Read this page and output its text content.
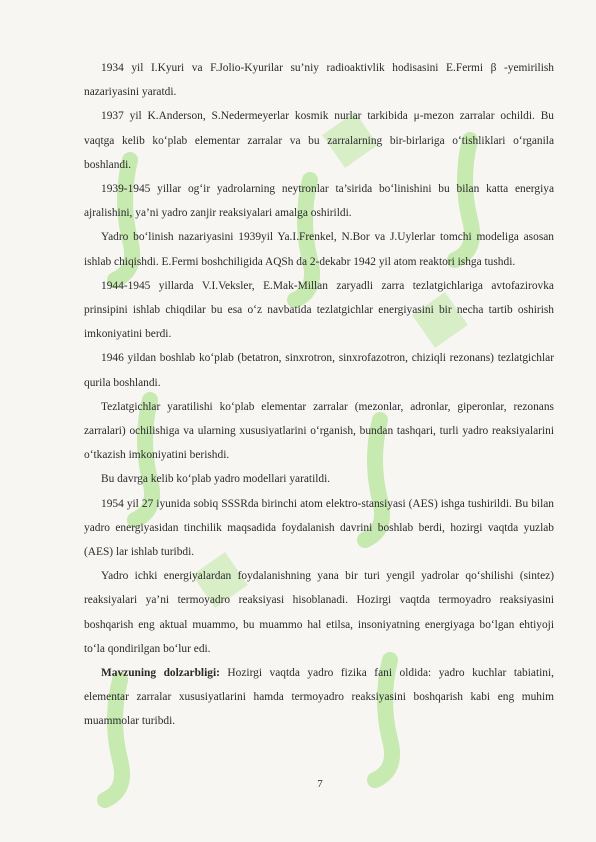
1934 yil I.Kyuri va F.Jolio-Kyurilar su’niy radioaktivlik hodisasini E.Fermi β -yemirilish nazariyasini yaratdi.

1937 yil K.Anderson, S.Nedermeyerlar kosmik nurlar tarkibida μ-mezon zarralar ochildi. Bu vaqtga kelib ko‘plab elementar zarralar va bu zarralarning bir-birlariga o‘tishliklari o‘rganila boshlandi.

1939-1945 yillar og‘ir yadrolarning neytronlar ta’sirida bo‘linishini bu bilan katta energiya ajralishini, ya’ni yadro zanjir reaksiyalari amalga oshirildi.

Yadro bo‘linish nazariyasini 1939yil Ya.I.Frenkel, N.Bor va J.Uylerlar tomchi modeliga asosan ishlab chiqishdi. E.Fermi boshchiligida AQSh da 2-dekabr 1942 yil atom reaktori ishga tushdi.

1944-1945 yillarda V.I.Veksler, E.Mak-Millan zaryadli zarra tezlatgichlariga avtofazirovka prinsipini ishlab chiqdilar bu esa o‘z navbatida tezlatgichlar energiyasini bir necha tartib oshirish imkoniyatini berdi.

1946 yildan boshlab ko‘plab (betatron, sinxrotron, sinxrofazotron, chiziqli rezonans) tezlatgichlar qurila boshlandi.

Tezlatgichlar yaratilishi ko‘plab elementar zarralar (mezonlar, adronlar, giperonlar, rezonans zarralari) ochilishiga va ularning xususiyatlarini o‘rganish, bundan tashqari, turli yadro reaksiyalarini o‘tkazish imkoniyatini berishdi.

Bu davrga kelib ko‘plab yadro modellari yaratildi.

1954 yil 27 iyunida sobiq SSSRda birinchi atom elektro-stansiyasi (AES) ishga tushirildi. Bu bilan yadro energiyasidan tinchilik maqsadida foydalanish davrini boshlab berdi, hozirgi vaqtda yuzlab (AES) lar ishlab turibdi.

Yadro ichki energiyalardan foydalanishning yana bir turi yengil yadrolar qo‘shilishi (sintez) reaksiyalari ya’ni termoyadro reaksiyasi hisoblanadi. Hozirgi vaqtda termoyadro reaksiyasini boshqarish eng aktual muammo, bu muammo hal etilsa, insoniyatning energiyaga bo‘lgan ehtiyoji to‘la qondirilgan bo‘lur edi.

Mavzuning dolzarbligi: Hozirgi vaqtda yadro fizika fani oldida: yadro kuchlar tabiatini, elementar zarralar xususiyatlarini hamda termoyadro reaksiyasini boshqarish kabi eng muhim muammolar turibdi.

7
